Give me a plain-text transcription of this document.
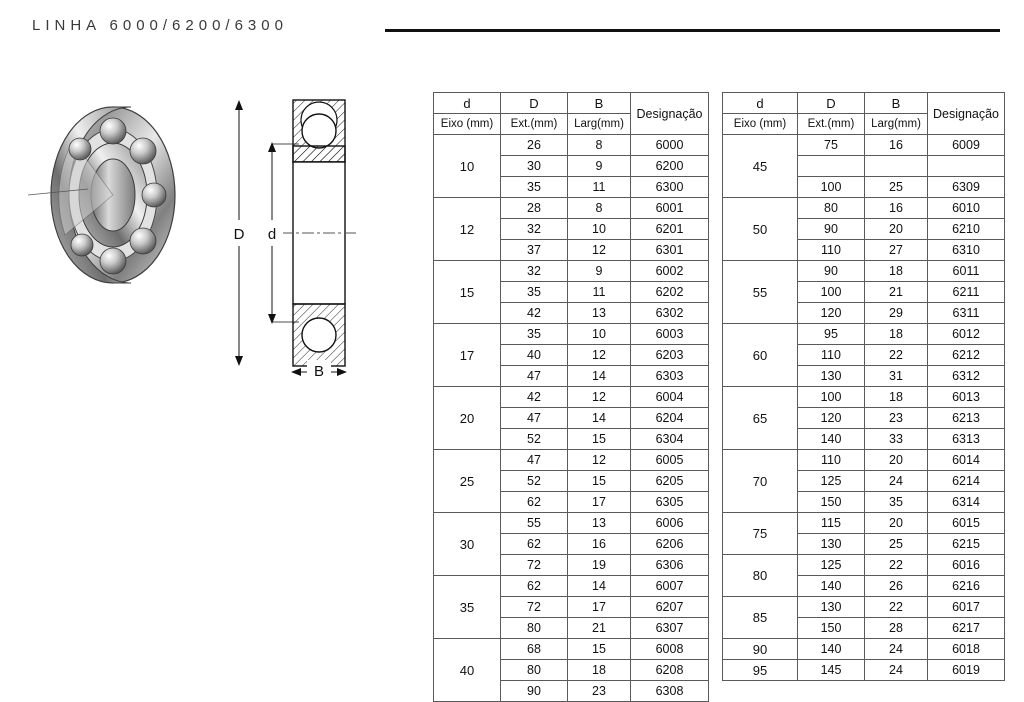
LINHA 6000/6200/6300
D d
B
d	D	B	Designação
Eixo (mm)	Ext.(mm)	Larg(mm)	
10	26	8	6000
	30	9	6200
	35	11	6300
12	28	8	6001
	32	10	6201
	37	12	6301
15	32	9	6002
	35	11	6202
	42	13	6302
17	35	10	6003
	40	12	6203
	47	14	6303
20	42	12	6004
	47	14	6204
	52	15	6304
25	47	12	6005
	52	15	6205
	62	17	6305
30	55	13	6006
	62	16	6206
	72	19	6306
35	62	14	6007
	72	17	6207
	80	21	6307
40	68	15	6008
	80	18	6208
	90	23	6308
d	D	B	Designação
Eixo (mm)	Ext.(mm)	Larg(mm)	
45	75	16	6009

	100	25	6309
50	80	16	6010
	90	20	6210
	110	27	6310
55	90	18	6011
	100	21	6211
	120	29	6311
60	95	18	6012
	110	22	6212
	130	31	6312
65	100	18	6013
	120	23	6213
	140	33	6313
70	110	20	6014
	125	24	6214
	150	35	6314
75	115	20	6015
	130	25	6215
80	125	22	6016
	140	26	6216
85	130	22	6017
	150	28	6217
90	140	24	6018
95	145	24	6019
